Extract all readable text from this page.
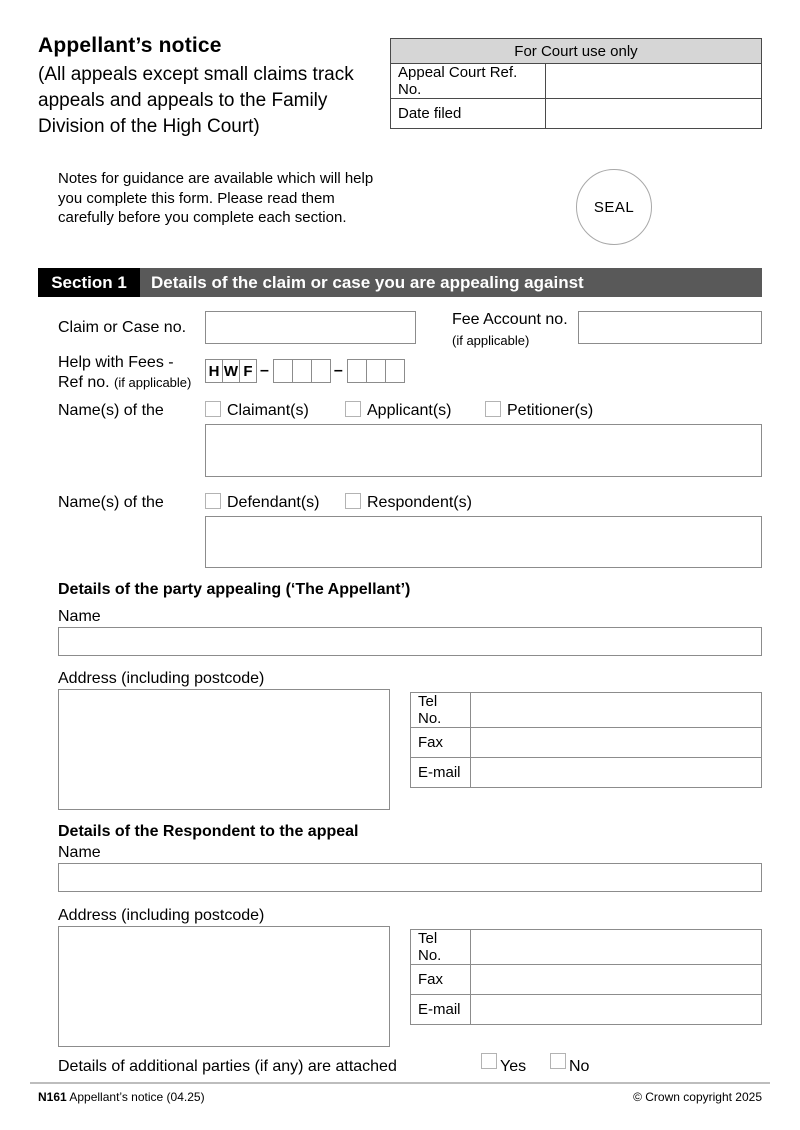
Appellant’s notice
(All appeals except small claims track appeals and appeals to the Family Division of the High Court)
For Court use only	
Appeal Court Ref. No.	
Date filed	

Notes for guidance are available which will help you complete this form. Please read them carefully before you complete each section.

SEAL
Section 1	Details of the claim or case you are appealing against
Claim or Case no.	Fee Account no.
(if applicable)
Help with Fees -
Ref no. (if applicable)
H W F –	–
Name(s) of the	Claimant(s)	Applicant(s)	Petitioner(s)
Name(s) of the	Defendant(s)	Respondent(s)
Details of the party appealing (‘The Appellant’)
Name
Address (including postcode)
Tel No.	
Fax	
E-mail	
Details of the Respondent to the appeal
Name
Address (including postcode)
Tel No.	
Fax	
E-mail	
Details of additional parties (if any) are attached	Yes	No
N161 Appellant’s notice (04.25)	© Crown copyright 2025
